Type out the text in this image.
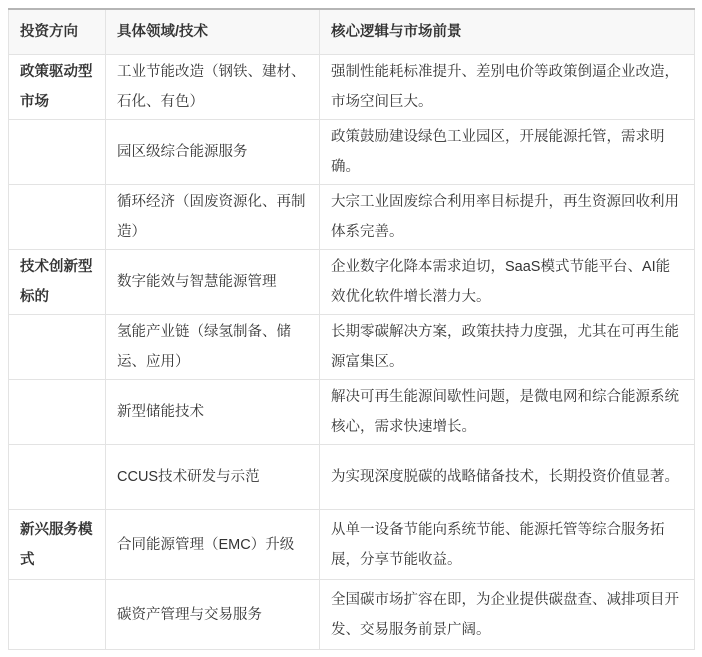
投资方向	具体领域/技术	核心逻辑与市场前景
政策驱动型市场	工业节能改造（钢铁、建材、石化、有色）	强制性能耗标准提升、差别电价等政策倒逼企业改造，市场空间巨大。
	园区级综合能源服务	政策鼓励建设绿色工业园区，开展能源托管，需求明确。
	循环经济（固废资源化、再制造）	大宗工业固废综合利用率目标提升，再生资源回收利用体系完善。
技术创新型标的	数字能效与智慧能源管理	企业数字化降本需求迫切，SaaS模式节能平台、AI能效优化软件增长潜力大。
	氢能产业链（绿氢制备、储运、应用）	长期零碳解决方案，政策扶持力度强，尤其在可再生能源富集区。
	新型储能技术	解决可再生能源间歇性问题，是微电网和综合能源系统核心，需求快速增长。
	CCUS技术研发与示范	为实现深度脱碳的战略储备技术，长期投资价值显著。
新兴服务模式	合同能源管理（EMC）升级	从单一设备节能向系统节能、能源托管等综合服务拓展，分享节能收益。
	碳资产管理与交易服务	全国碳市场扩容在即，为企业提供碳盘查、减排项目开发、交易服务前景广阔。
